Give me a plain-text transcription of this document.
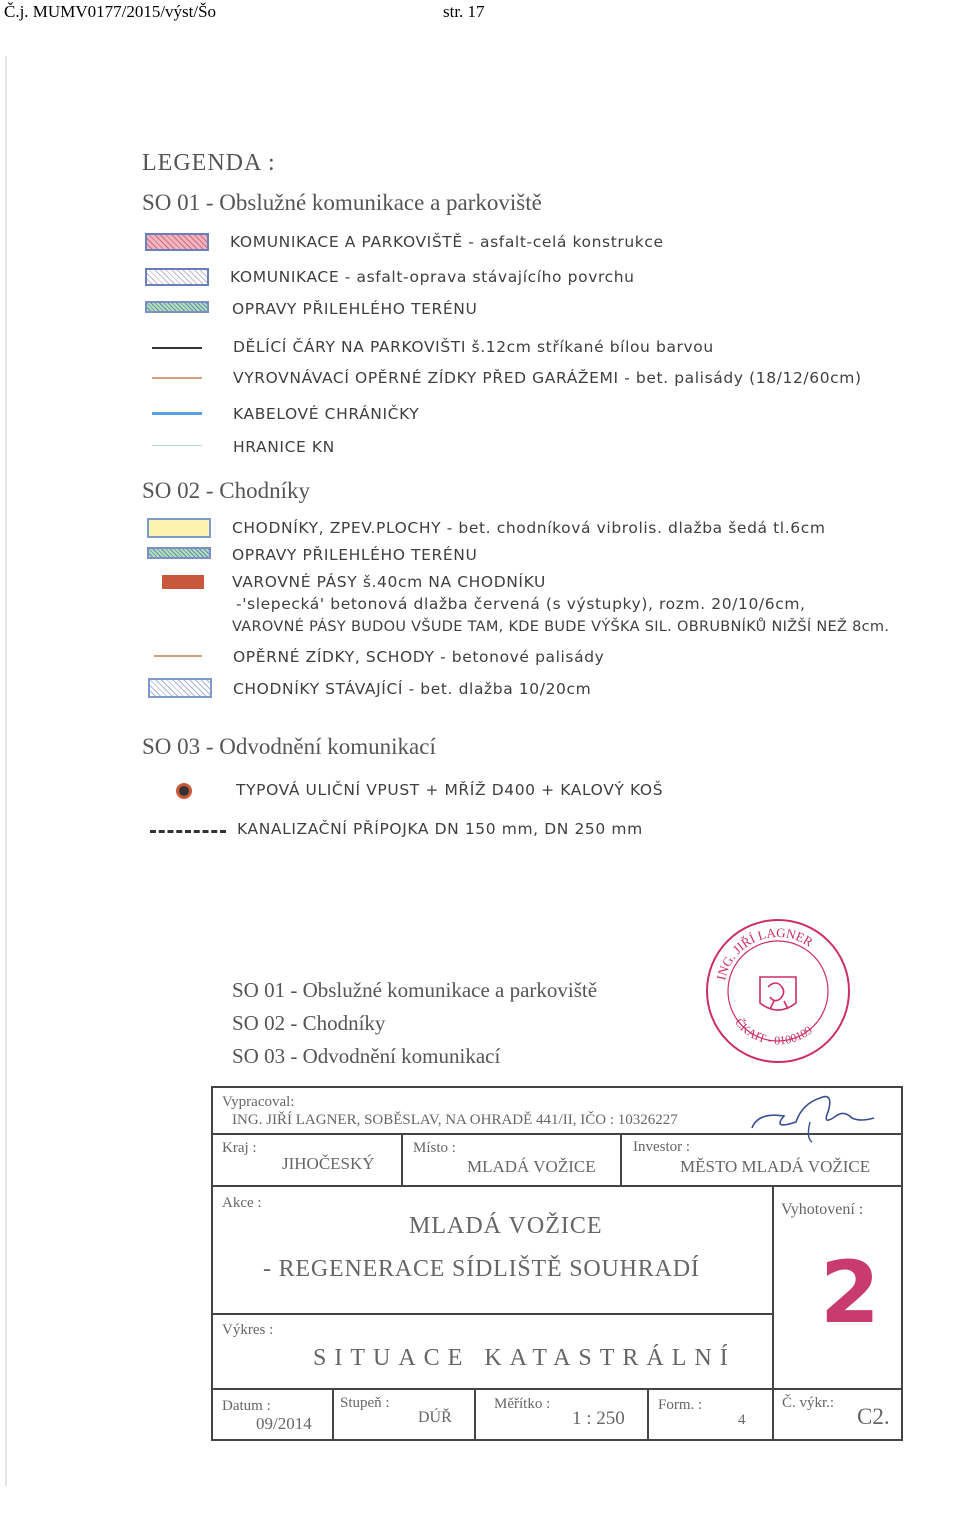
Č.j. MUMV0177/2015/výst/Šo	str. 17
LEGENDA :
SO 01 - Obslužné komunikace a parkoviště
KOMUNIKACE A PARKOVIŠTĚ - asfalt-celá konstrukce
KOMUNIKACE - asfalt-oprava stávajícího povrchu
OPRAVY PŘILEHLÉHO TERÉNU
DĚLÍCÍ ČÁRY NA PARKOVIŠTI š.12cm stříkané bílou barvou
VYROVNÁVACÍ OPĚRNÉ ZÍDKY PŘED GARÁŽEMI - bet. palisády (18/12/60cm)
KABELOVÉ CHRÁNIČKY
HRANICE KN
SO 02 - Chodníky
CHODNÍKY, ZPEV.PLOCHY - bet. chodníková vibrolis. dlažba šedá tl.6cm
OPRAVY PŘILEHLÉHO TERÉNU
VAROVNÉ PÁSY š.40cm NA CHODNÍKU
-'slepecká' betonová dlažba červená (s výstupky), rozm. 20/10/6cm,
VAROVNÉ PÁSY BUDOU VŠUDE TAM, KDE BUDE VÝŠKA SIL. OBRUBNÍKŮ NIŽŠÍ NEŽ 8cm.
OPĚRNÉ ZÍDKY, SCHODY - betonové palisády
CHODNÍKY STÁVAJÍCÍ - bet. dlažba 10/20cm
SO 03 - Odvodnění komunikací
TYPOVÁ ULIČNÍ VPUST + MŘÍŽ D400 + KALOVÝ KOŠ
KANALIZAČNÍ PŘÍPOJKA DN 150 mm, DN 250 mm
SO 01 - Obslužné komunikace a parkoviště
SO 02 - Chodníky
SO 03 - Odvodnění komunikací
ING. JIŘÍ LAGNER
ČKAIT - 0100109
Vypracoval:
ING. JIŘÍ LAGNER, SOBĚSLAV, NA OHRADĚ 441/II, IČO : 10326227
Kraj :
JIHOČESKÝ
Místo :
MLADÁ VOŽICE
Investor :
MĚSTO MLADÁ VOŽICE
Akce :
MLADÁ VOŽICE
- REGENERACE SÍDLIŠTĚ SOUHRADÍ
Vyhotovení :
2
Výkres :
SITUACE KATASTRÁLNÍ
Datum :
09/2014
Stupeň :
DÚŘ
Měřítko :
1 : 250
Form. :
4
Č. výkr.:
C2.
